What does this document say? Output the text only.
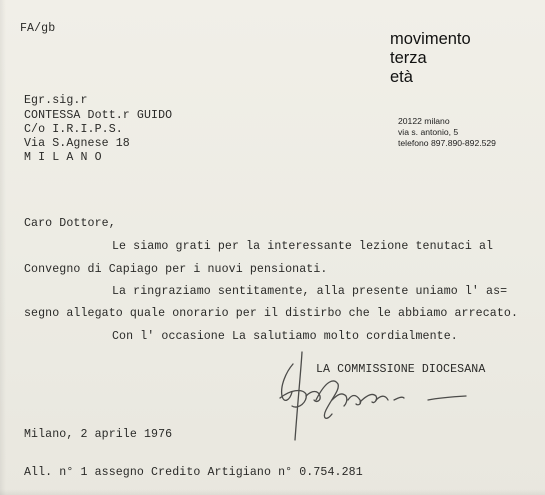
FA/gb
movimento
terza
età
20122 milano
via s. antonio, 5
telefono 897.890-892.529
Egr.sig.r
CONTESSA Dott.r GUIDO
C/o I.R.I.P.S.
Via S.Agnese 18
M I L A N O
Caro Dottore,
Le siamo grati per la interessante lezione tenutaci al
Convegno di Capiago per i nuovi pensionati.
La ringraziamo sentitamente, alla presente uniamo l' as=
segno allegato quale onorario per il distirbo che le abbiamo arrecato.
Con l' occasione La salutiamo molto cordialmente.
LA COMMISSIONE DIOCESANA
Milano, 2 aprile 1976
All. n° 1 assegno Credito Artigiano n° 0.754.281
